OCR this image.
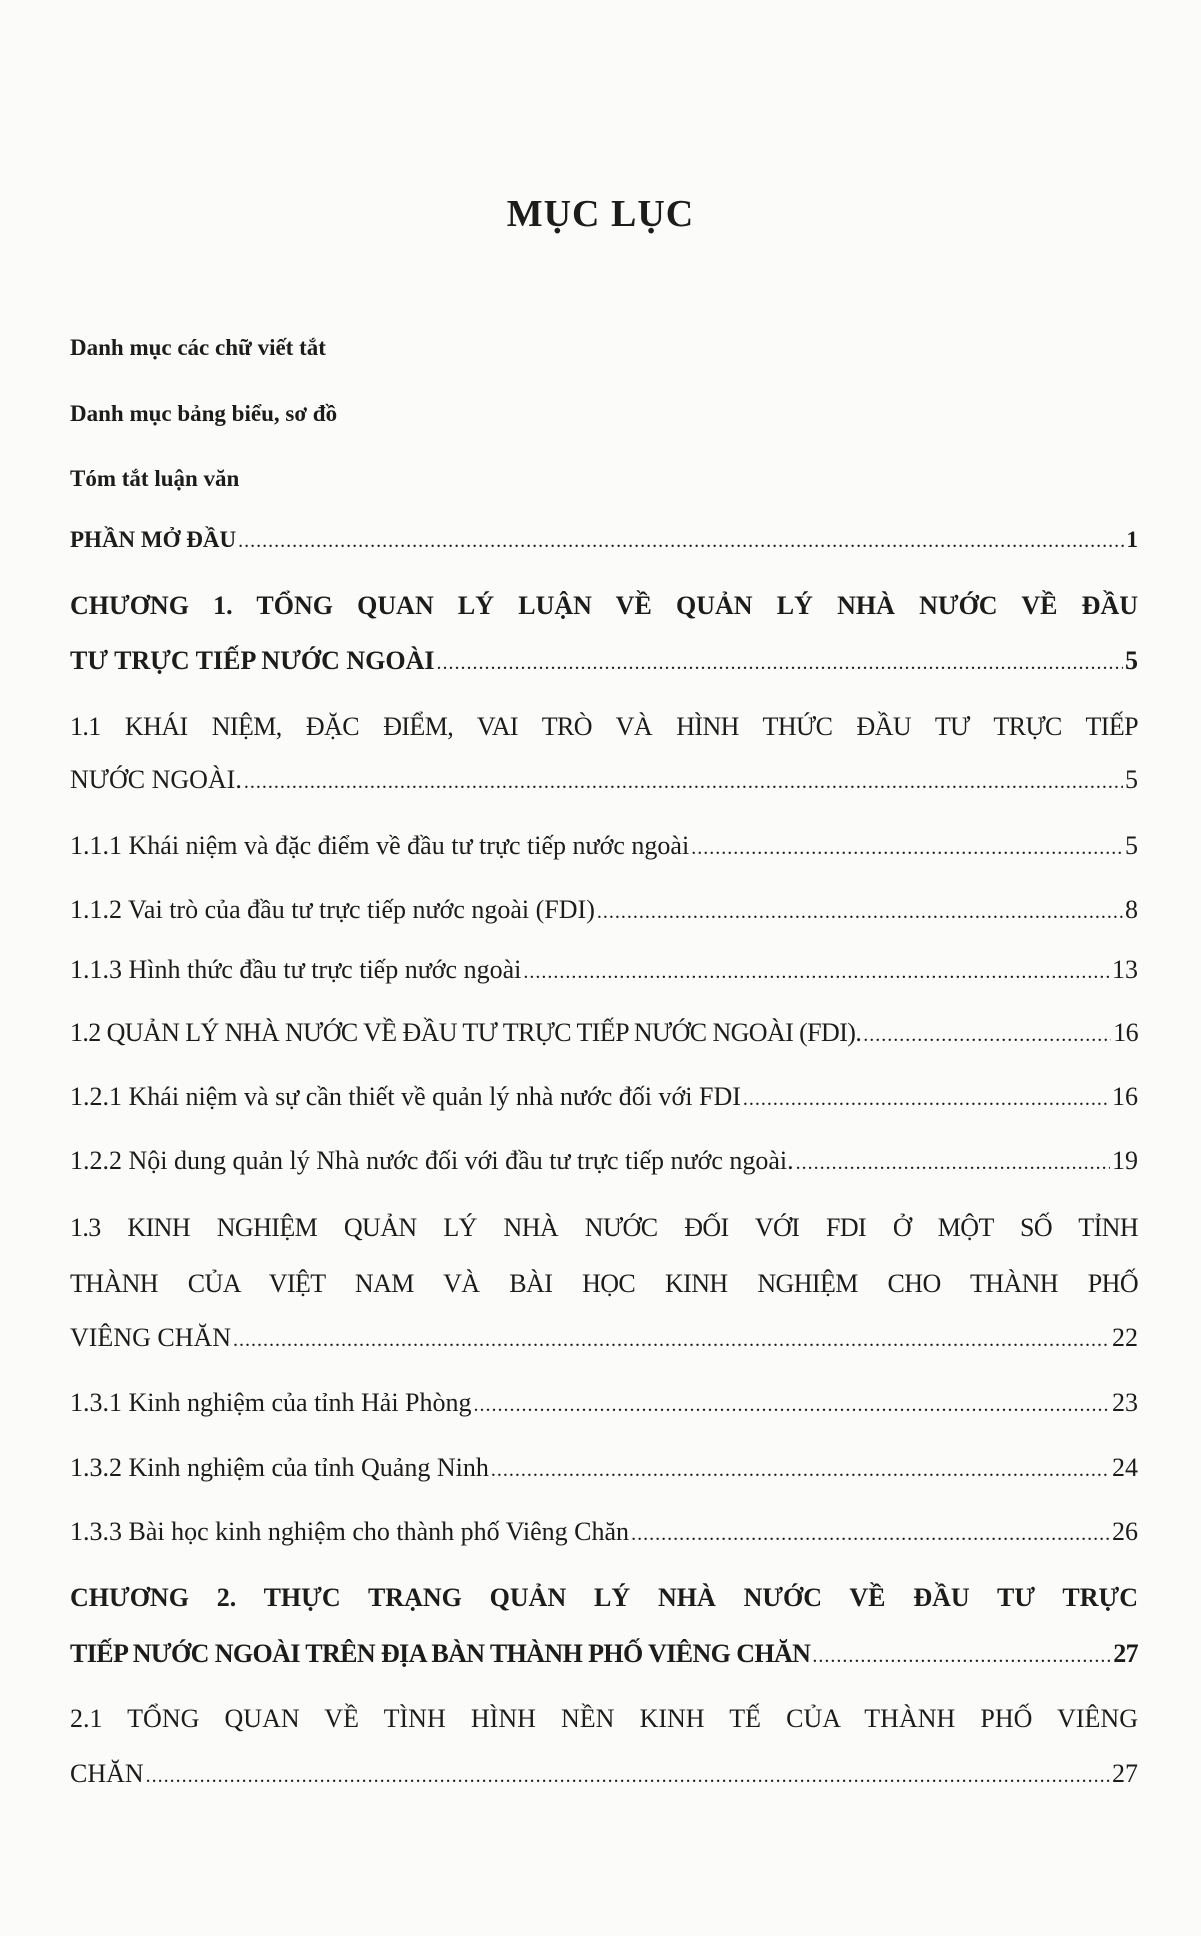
MỤC LỤC
Danh mục các chữ viết tắt
Danh mục bảng biểu, sơ đồ
Tóm tắt luận văn
PHẦN MỞ ĐẦU .....	1
CHƯƠNG 1. TỔNG QUAN LÝ LUẬN VỀ QUẢN LÝ NHÀ NƯỚC VỀ ĐẦU
TƯ TRỰC TIẾP NƯỚC NGOÀI .....	5
1.1 KHÁI NIỆM, ĐẶC ĐIỂM, VAI TRÒ VÀ HÌNH THỨC ĐẦU TƯ TRỰC TIẾP
NƯỚC NGOÀI. .....	5
1.1.1 Khái niệm và đặc điểm về đầu tư trực tiếp nước ngoài .....	5
1.1.2 Vai trò của đầu tư trực tiếp nước ngoài (FDI) .....	8
1.1.3 Hình thức đầu tư trực tiếp nước ngoài .....	13
1.2 QUẢN LÝ NHÀ NƯỚC VỀ ĐẦU TƯ TRỰC TIẾP NƯỚC NGOÀI (FDI). .....	16
1.2.1 Khái niệm và sự cần thiết về quản lý nhà nước đối với FDI .....	16
1.2.2 Nội dung quản lý Nhà nước đối với đầu tư trực tiếp nước ngoài. .....	19
1.3 KINH NGHIỆM QUẢN LÝ NHÀ NƯỚC ĐỐI VỚI FDI Ở MỘT SỐ TỈNH
THÀNH CỦA VIỆT NAM VÀ BÀI HỌC KINH NGHIỆM CHO THÀNH PHỐ
VIÊNG CHĂN .....	22
1.3.1 Kinh nghiệm của tỉnh Hải Phòng .....	23
1.3.2 Kinh nghiệm của tỉnh Quảng Ninh .....	24
1.3.3 Bài học kinh nghiệm cho thành phố Viêng Chăn .....	26
CHƯƠNG 2. THỰC TRẠNG QUẢN LÝ NHÀ NƯỚC VỀ ĐẦU TƯ TRỰC
TIẾP NƯỚC NGOÀI TRÊN ĐỊA BÀN THÀNH PHỐ VIÊNG CHĂN .....	27
2.1 TỔNG QUAN VỀ TÌNH HÌNH NỀN KINH TẾ CỦA THÀNH PHỐ VIÊNG
CHĂN .....	27
